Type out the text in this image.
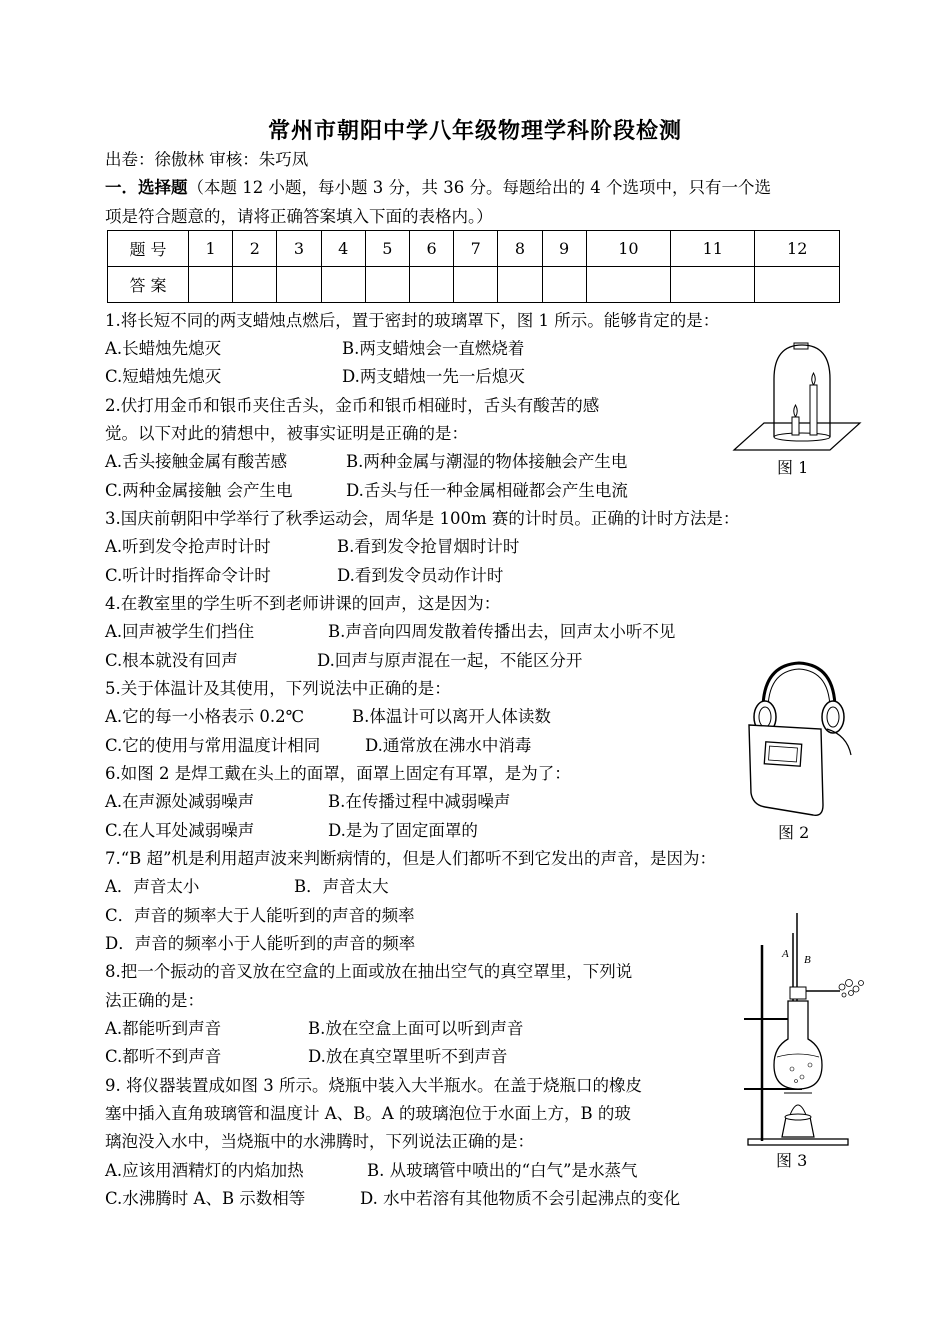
常州市朝阳中学八年级物理学科阶段检测
出卷：徐傲林 审核：朱巧凤
一．选择题（本题 12 小题，每小题 3 分，共 36 分。每题给出的 4 个选项中，只有一个选
项是符合题意的，请将正确答案填入下面的表格内。）
题 号	1	2	3	4	5	6	7	8	9	10	11	12
答 案												
1.将长短不同的两支蜡烛点燃后，置于密封的玻璃罩下，图 1 所示。能够肯定的是：
A.长蜡烛先熄灭	B.两支蜡烛会一直燃烧着
C.短蜡烛先熄灭	D.两支蜡烛一先一后熄灭
2.伏打用金币和银币夹住舌头，金币和银币相碰时，舌头有酸苦的感
觉。以下对此的猜想中，被事实证明是正确的是：
A.舌头接触金属有酸苦感	B.两种金属与潮湿的物体接触会产生电
C.两种金属接触 会产生电	D.舌头与任一种金属相碰都会产生电流
3.国庆前朝阳中学举行了秋季运动会，周华是 100m 赛的计时员。正确的计时方法是：
A.听到发令抢声时计时	B.看到发令抢冒烟时计时
C.听计时指挥命令计时	D.看到发令员动作计时
4.在教室里的学生听不到老师讲课的回声，这是因为：
A.回声被学生们挡住	B.声音向四周发散着传播出去，回声太小听不见
C.根本就没有回声	D.回声与原声混在一起，不能区分开
5.关于体温计及其使用，下列说法中正确的是：
A.它的每一小格表示 0.2℃	B.体温计可以离开人体读数
C.它的使用与常用温度计相同	D.通常放在沸水中消毒
6.如图 2 是焊工戴在头上的面罩，面罩上固定有耳罩，是为了：
A.在声源处减弱噪声	B.在传播过程中减弱噪声
C.在人耳处减弱噪声	D.是为了固定面罩的
7.“B 超”机是利用超声波来判断病情的，但是人们都听不到它发出的声音，是因为：
A．声音太小	B．声音太大
C．声音的频率大于人能听到的声音的频率
D．声音的频率小于人能听到的声音的频率
8.把一个振动的音叉放在空盒的上面或放在抽出空气的真空罩里，下列说
法正确的是：
A.都能听到声音	B.放在空盒上面可以听到声音
C.都听不到声音	D.放在真空罩里听不到声音
9. 将仪器装置成如图 3 所示。烧瓶中装入大半瓶水。在盖于烧瓶口的橡皮
塞中插入直角玻璃管和温度计 A、B。A 的玻璃泡位于水面上方，B 的玻
璃泡没入水中，当烧瓶中的水沸腾时，下列说法正确的是：
A.应该用酒精灯的内焰加热	B. 从玻璃管中喷出的“白气”是水蒸气
C.水沸腾时 A、B 示数相等	D. 水中若溶有其他物质不会引起沸点的变化
图 1
图 2
A B
图 3
